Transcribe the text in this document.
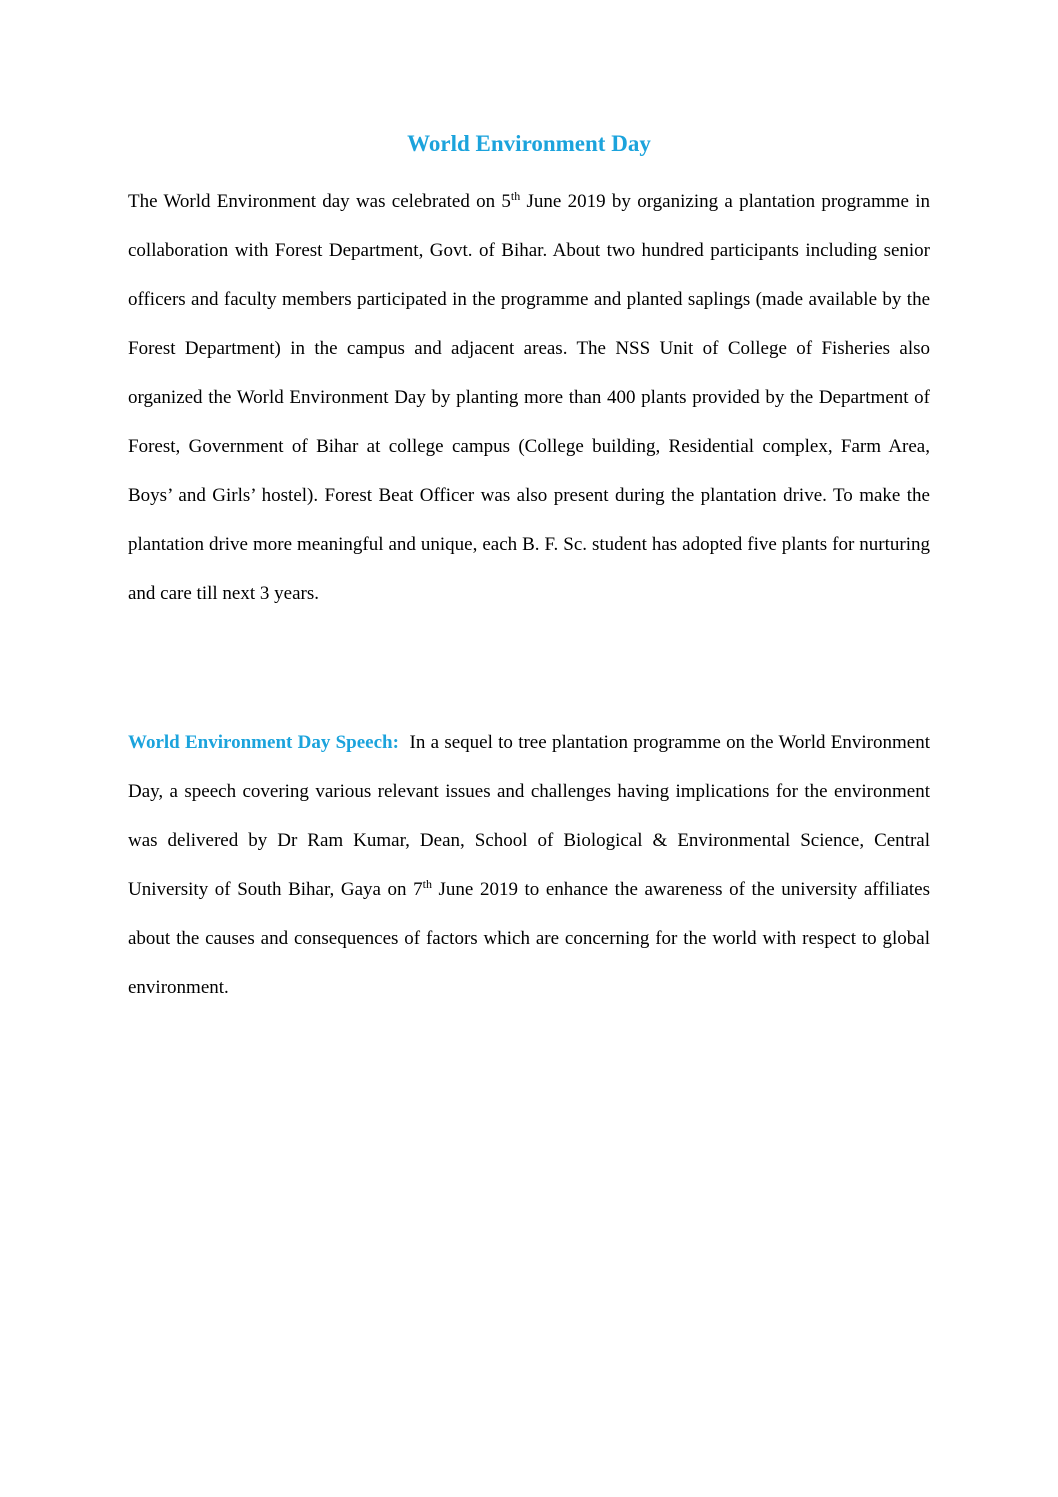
World Environment Day

The World Environment day was celebrated on 5th June 2019 by organizing a plantation programme in collaboration with Forest Department, Govt. of Bihar. About two hundred participants including senior officers and faculty members participated in the programme and planted saplings (made available by the Forest Department) in the campus and adjacent areas. The NSS Unit of College of Fisheries also organized the World Environment Day by planting more than 400 plants provided by the Department of Forest, Government of Bihar at college campus (College building, Residential complex, Farm Area, Boys’ and Girls’ hostel). Forest Beat Officer was also present during the plantation drive. To make the plantation drive more meaningful and unique, each B. F. Sc. student has adopted five plants for nurturing and care till next 3 years.

World Environment Day Speech:  In a sequel to tree plantation programme on the World Environment Day, a speech covering various relevant issues and challenges having implications for the environment was delivered by Dr Ram Kumar, Dean, School of Biological & Environmental Science, Central University of South Bihar, Gaya on 7th June 2019 to enhance the awareness of the university affiliates about the causes and consequences of factors which are concerning for the world with respect to global environment.
